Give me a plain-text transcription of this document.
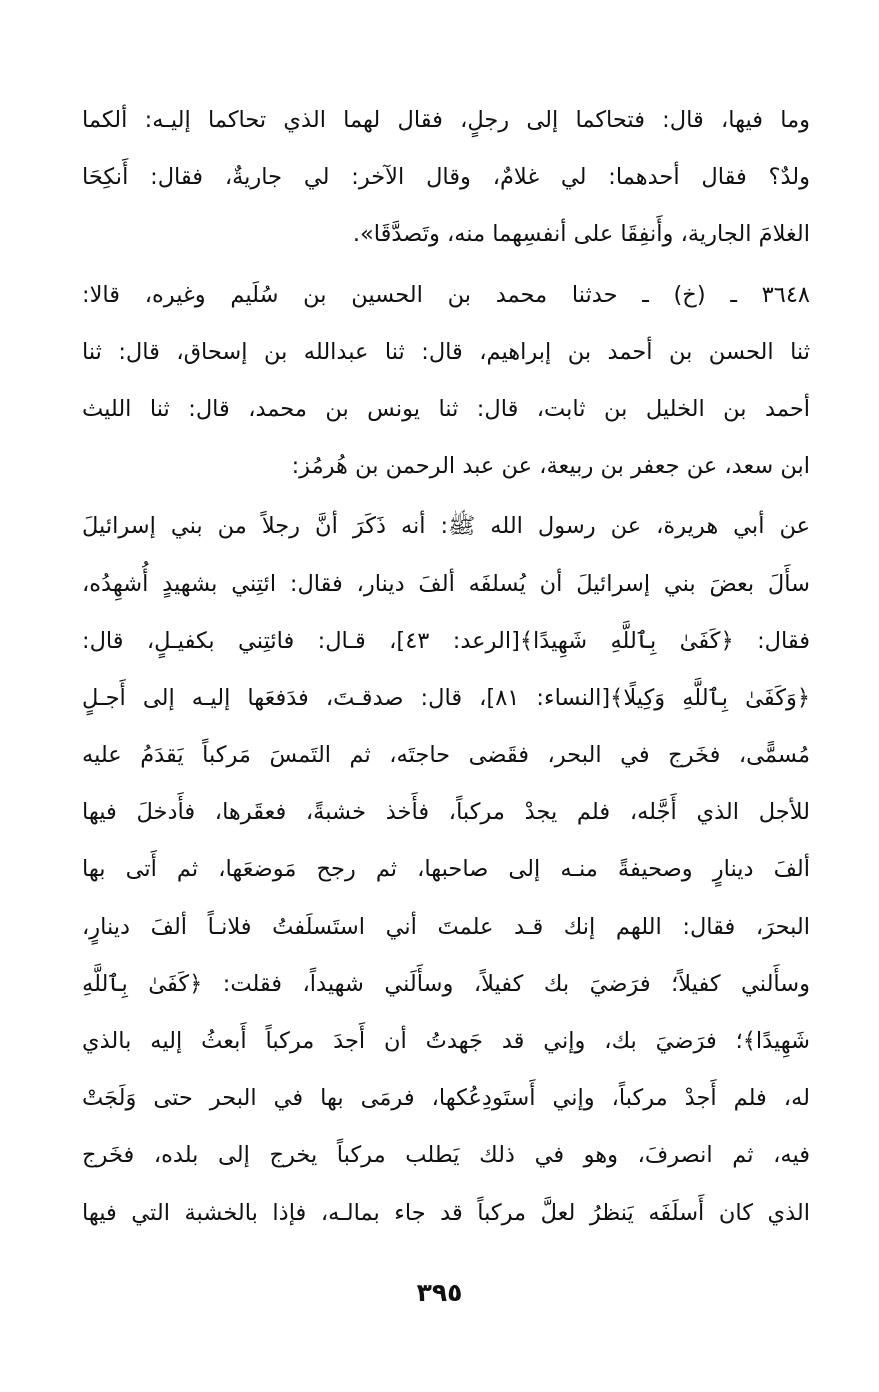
وما فيها، قال: فتحاكما إلى رجلٍ، فقال لهما الذي تحاكما إليـه: ألكما
ولدٌ؟ فقال أحدهما: لي غلامٌ، وقال الآخر: لي جاريةٌ، فقال: أَنكِحَا
الغلامَ الجارية، وأَنفِقَا على أنفسِهما منه، وتَصدَّقَا».
٣٦٤٨ ـ (خ) ـ حدثنا محمد بن الحسين بن سُلَيم وغيره، قالا:
ثنا الحسن بن أحمد بن إبراهيم، قال: ثنا عبدالله بن إسحاق، قال: ثنا
أحمد بن الخليل بن ثابت، قال: ثنا يونس بن محمد، قال: ثنا الليث
ابن سعد، عن جعفر بن ربيعة، عن عبد الرحمن بن هُرمُز:
عن أبي هريرة، عن رسول الله ﷺ: أنه ذَكَرَ أنَّ رجلاً من بني إسرائيلَ
سأَلَ بعضَ بني إسرائيلَ أن يُسلفَه ألفَ دينار، فقال: ائتِني بشهيدٍ أُشهِدُه،
فقال: ﴿كَفَىٰ بِٱللَّهِ شَهِيدًا﴾[الرعد: ٤٣]، قـال: فائتِني بكفيـلٍ، قال:
﴿وَكَفَىٰ بِٱللَّهِ وَكِيلًا﴾[النساء: ٨١]، قال: صدقـتَ، فدَفعَها إليـه إلى أَجـلٍ
مُسمًّى، فخَرج في البحر، فقَضى حاجتَه، ثم التَمسَ مَركباً يَقدَمُ عليه
للأجل الذي أَجَّله، فلم يجدْ مركباً، فأَخذ خشبةً، فعقَرها، فأَدخلَ فيها
ألفَ دينارٍ وصحيفةً منـه إلى صاحبها، ثم رجح مَوضعَها، ثم أَتى بها
البحرَ، فقال: اللهم إنك قـد علمتَ أني استَسلَفتُ فلانـاً ألفَ دينارٍ،
وسأَلني كفيلاً؛ فرَضيَ بك كفيلاً، وسأَلَني شهيداً، فقلت: ﴿كَفَىٰ بِٱللَّهِ
شَهِيدًا﴾؛ فرَضيَ بك، وإني قد جَهدتُ أن أَجدَ مركباً أَبعثُ إليه بالذي
له، فلم أَجدْ مركباً، وإني أَستَودِعُكها، فرمَى بها في البحر حتى وَلَجَتْ
فيه، ثم انصرفَ، وهو في ذلك يَطلب مركباً يخرج إلى بلده، فخَرج
الذي كان أَسلَفَه يَنظرُ لعلَّ مركباً قد جاء بمالـه، فإذا بالخشبة التي فيها
٣٩٥
